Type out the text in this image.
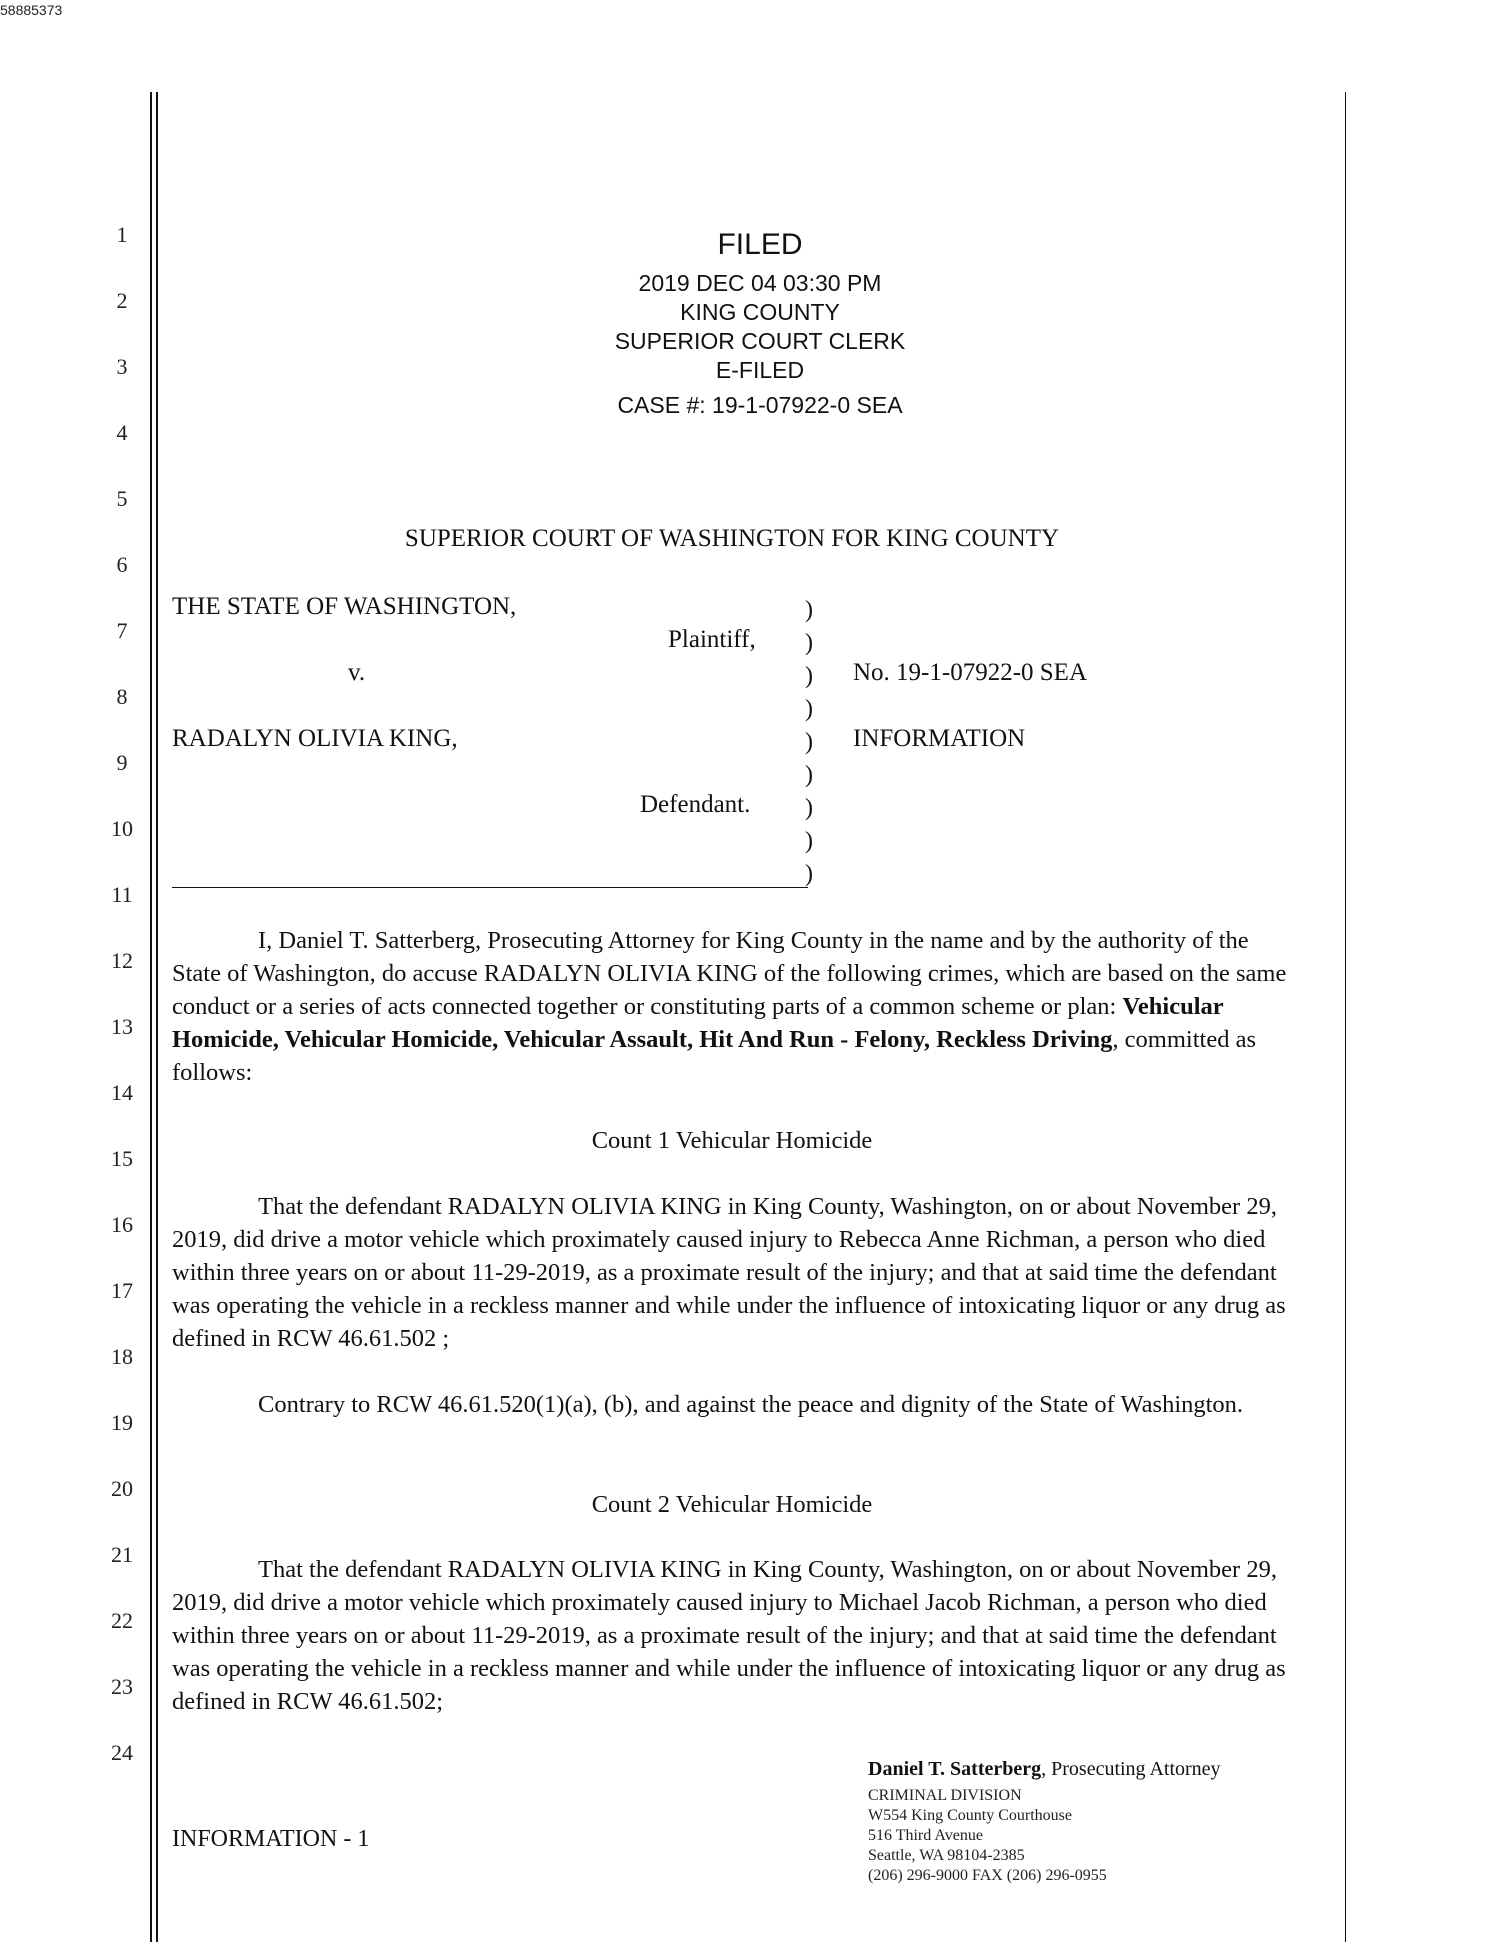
58885373
1
2
3
4
5
6
7
8
9
10
11
12
13
14
15
16
17
18
19
20
21
22
23
24
FILED
2019 DEC 04 03:30 PM
KING COUNTY
SUPERIOR COURT CLERK
E-FILED
CASE #: 19-1-07922-0 SEA
SUPERIOR COURT OF WASHINGTON FOR KING COUNTY
THE STATE OF WASHINGTON,
Plaintiff,
v.
RADALYN OLIVIA KING,
Defendant.
)
)
)
)
)
)
)
)
)
No. 19-1-07922-0 SEA
INFORMATION

I, Daniel T. Satterberg, Prosecuting Attorney for King County in the name and by the authority of the State of Washington, do accuse RADALYN OLIVIA KING of the following crimes, which are based on the same conduct or a series of acts connected together or constituting parts of a common scheme or plan: Vehicular Homicide, Vehicular Homicide, Vehicular Assault, Hit And Run - Felony, Reckless Driving, committed as follows:

Count 1 Vehicular Homicide

That the defendant RADALYN OLIVIA KING in King County, Washington, on or about November 29, 2019, did drive a motor vehicle which proximately caused injury to Rebecca Anne Richman, a person who died within three years on or about 11-29-2019, as a proximate result of the injury; and that at said time the defendant was operating the vehicle in a reckless manner and while under the influence of intoxicating liquor or any drug as defined in RCW 46.61.502 ;

Contrary to RCW 46.61.520(1)(a), (b), and against the peace and dignity of the State of Washington.

Count 2 Vehicular Homicide

That the defendant RADALYN OLIVIA KING in King County, Washington, on or about November 29, 2019, did drive a motor vehicle which proximately caused injury to Michael Jacob Richman, a person who died within three years on or about 11-29-2019, as a proximate result of the injury; and that at said time the defendant was operating the vehicle in a reckless manner and while under the influence of intoxicating liquor or any drug as defined in RCW 46.61.502;

INFORMATION - 1
Daniel T. Satterberg, Prosecuting Attorney
CRIMINAL DIVISION
W554 King County Courthouse
516 Third Avenue
Seattle, WA 98104-2385
(206) 296-9000 FAX (206) 296-0955
